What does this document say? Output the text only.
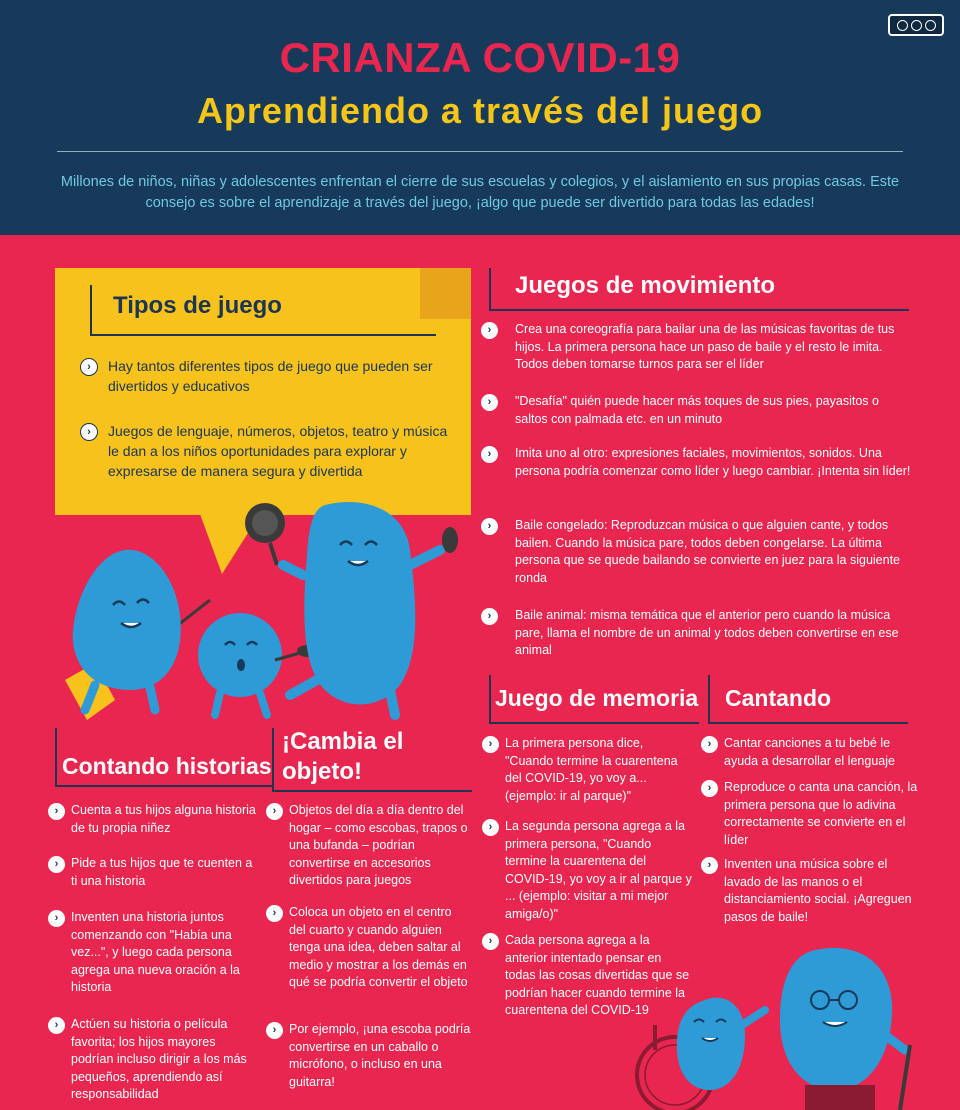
CRIANZA COVID-19
Aprendiendo a través del juego
Millones de niños, niñas y adolescentes enfrentan el cierre de sus escuelas y colegios, y el aislamiento en sus propias casas. Este consejo es sobre el aprendizaje a través del juego, ¡algo que puede ser divertido para todas las edades!
Tipos de juego
›	Hay tantos diferentes tipos de juego que pueden ser divertidos y educativos
›	Juegos de lenguaje, números, objetos, teatro y música le dan a los niños oportunidades para explorar y expresarse de manera segura y divertida
Juegos de movimiento
›	Crea una coreografía para bailar una de las músicas favoritas de tus hijos. La primera persona hace un paso de baile y el resto le imita. Todos deben tomarse turnos para ser el líder
›	"Desafía" quién puede hacer más toques de sus pies, payasitos o saltos con palmada etc. en un minuto
›	Imita uno al otro: expresiones faciales, movimientos, sonidos. Una persona podría comenzar como líder y luego cambiar. ¡Intenta sin líder!
›	Baile congelado: Reproduzcan música o que alguien cante, y todos bailen. Cuando la música pare, todos deben congelarse. La última persona que se quede bailando se convierte en juez para la siguiente ronda
›	Baile animal: misma temática que el anterior pero cuando la música pare, llama el nombre de un animal y todos deben convertirse en ese animal
Contando historias
›	Cuenta a tus hijos alguna historia de tu propia niñez
›	Pide a tus hijos que te cuenten a ti una historia
›	Inventen una historia juntos comenzando con "Había una vez...", y luego cada persona agrega una nueva oración a la historia
›	Actúen su historia o película favorita; los hijos mayores podrían incluso dirigir a los más pequeños, aprendiendo así responsabilidad
¡Cambia el
objeto!
›	Objetos del día a día dentro del hogar – como escobas, trapos o una bufanda – podrían convertirse en accesorios divertidos para juegos
›	Coloca un objeto en el centro del cuarto y cuando alguien tenga una idea, deben saltar al medio y mostrar a los demás en qué se podría convertir el objeto
›	Por ejemplo, ¡una escoba podría convertirse en un caballo o micrófono, o incluso en una guitarra!
Juego de memoria
›	La primera persona dice, "Cuando termine la cuarentena del COVID-19, yo voy a... (ejemplo: ir al parque)"
›	La segunda persona agrega a la primera persona, "Cuando termine la cuarentena del COVID-19, yo voy a ir al parque y ... (ejemplo: visitar a mi mejor amiga/o)"
›	Cada persona agrega a la anterior intentado pensar en todas las cosas divertidas que se podrían hacer cuando termine la cuarentena del COVID-19
Cantando
›	Cantar canciones a tu bebé le ayuda a desarrollar el lenguaje
›	Reproduce o canta una canción, la primera persona que lo adivina correctamente se convierte en el líder
›	Inventen una música sobre el lavado de las manos o el distanciamiento social. ¡Agreguen pasos de baile!
